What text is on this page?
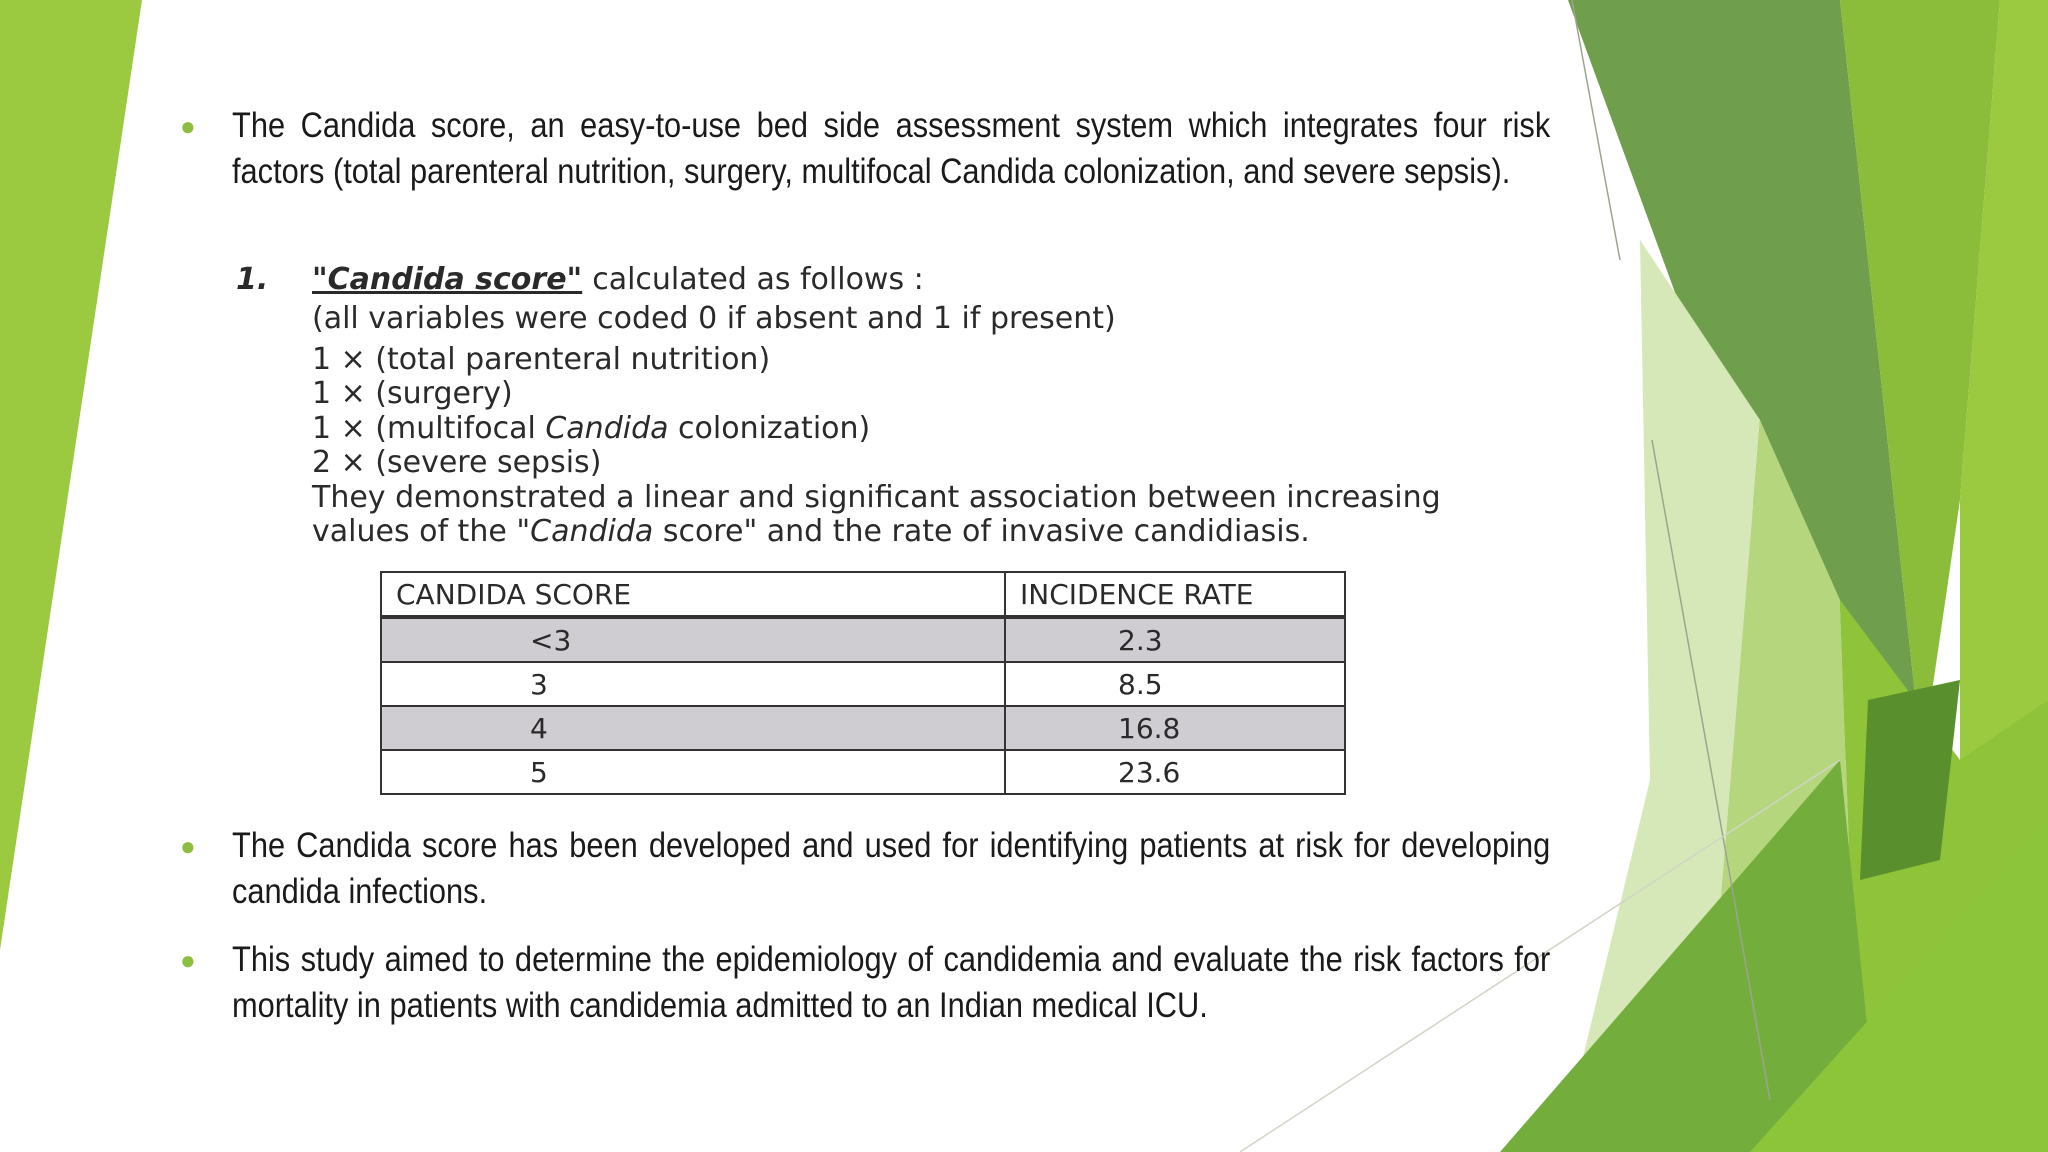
●	The Candida score, an easy-to-use bed side assessment system which integrates four risk factors (total parenteral nutrition, surgery, multifocal Candida colonization, and severe sepsis).
1.	"Candida score" calculated as follows :
(all variables were coded 0 if absent and 1 if present)
1 × (total parenteral nutrition)
1 × (surgery)
1 × (multifocal Candida colonization)
2 × (severe sepsis)
They demonstrated a linear and significant association between increasing
values of the "Candida score" and the rate of invasive candidiasis.
CANDIDA SCORE	INCIDENCE RATE
<3	2.3
3	8.5
4	16.8
5	23.6
●	The Candida score has been developed and used for identifying patients at risk for developing candida infections.
●	This study aimed to determine the epidemiology of candidemia and evaluate the risk factors for mortality in patients with candidemia admitted to an Indian medical ICU.
